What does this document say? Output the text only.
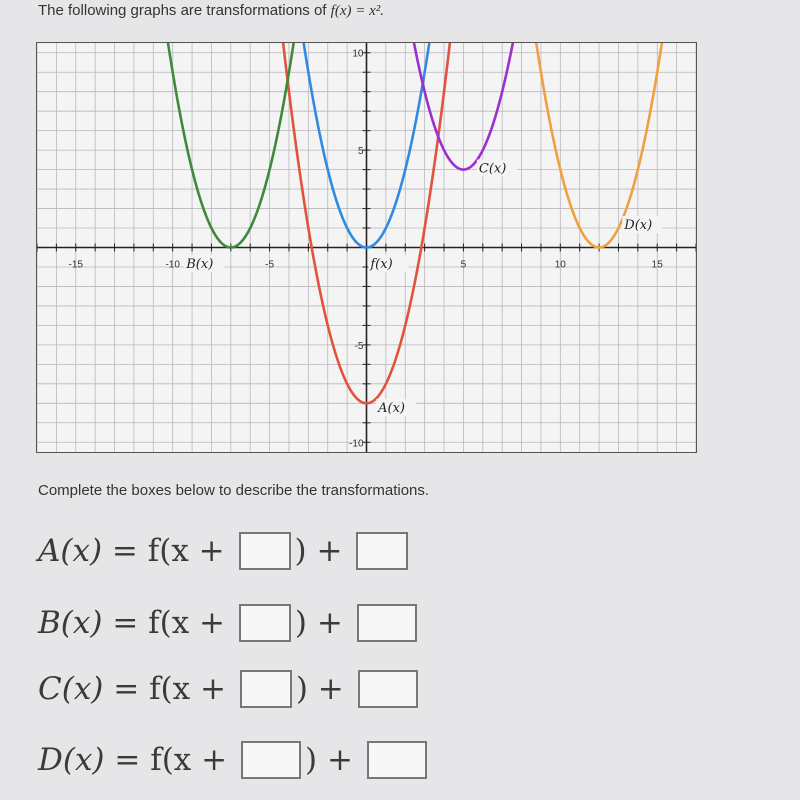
The following graphs are transformations of f(x) = x².
-15	-10	-5	5	10	15
-10
-5
5
10
f(x)
A(x)
B(x)
C(x)
D(x)
Complete the boxes below to describe the transformations.
A(x)
= f(x +
)
+

B(x)
= f(x +
)
+

C(x)
= f(x +
)
+

D(x)
= f(x +
	)
+
